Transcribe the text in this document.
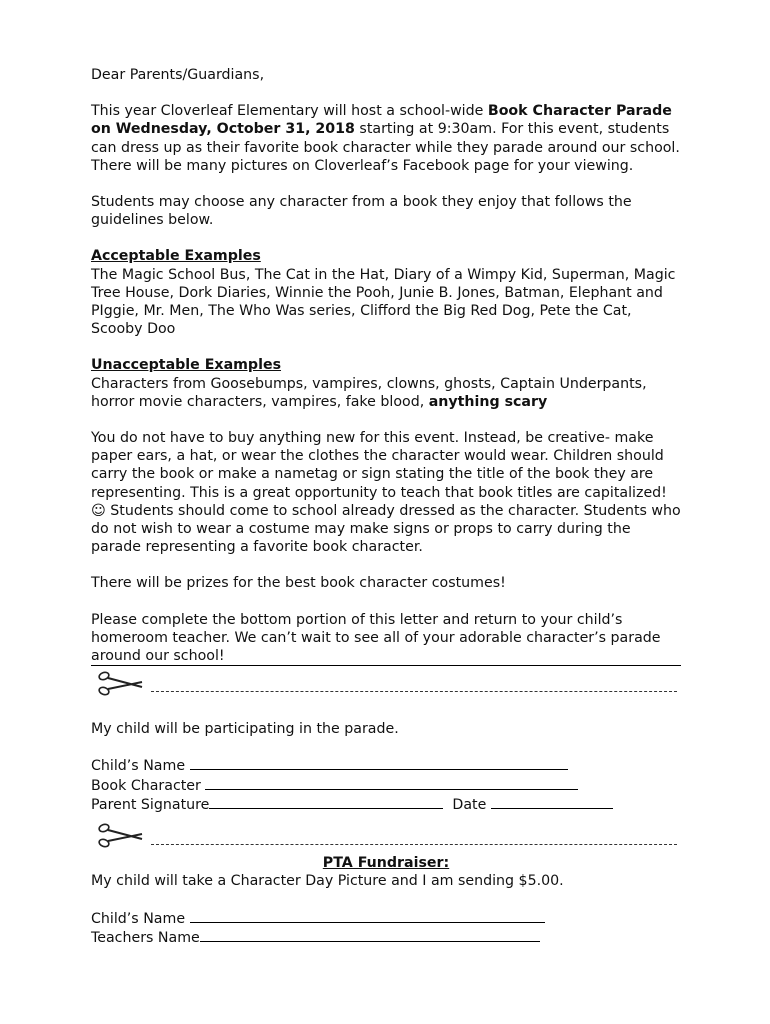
Dear Parents/Guardians,

This year Cloverleaf Elementary will host a school-wide Book Character Parade on Wednesday, October 31, 2018 starting at 9:30am. For this event, students can dress up as their favorite book character while they parade around our school. There will be many pictures on Cloverleaf’s Facebook page for your viewing.

Students may choose any character from a book they enjoy that follows the guidelines below.

Acceptable Examples

The Magic School Bus, The Cat in the Hat, Diary of a Wimpy Kid, Superman, Magic Tree House, Dork Diaries, Winnie the Pooh, Junie B. Jones, Batman, Elephant and PIggie, Mr. Men, The Who Was series, Clifford the Big Red Dog, Pete the Cat, Scooby Doo

Unacceptable Examples

Characters from Goosebumps, vampires, clowns, ghosts, Captain Underpants, horror movie characters, vampires, fake blood, anything scary

You do not have to buy anything new for this event. Instead, be creative- make paper ears, a hat, or wear the clothes the character would wear. Children should carry the book or make a nametag or sign stating the title of the book they are representing. This is a great opportunity to teach that book titles are capitalized! ☺ Students should come to school already dressed as the character. Students who do not wish to wear a costume may make signs or props to carry during the parade representing a favorite book character.

There will be prizes for the best book character costumes!

Please complete the bottom portion of this letter and return to your child’s homeroom teacher. We can’t wait to see all of your adorable character’s parade around our school!

My child will be participating in the parade.

Child’s Name

Book Character

Parent Signature	Date

PTA Fundraiser:

My child will take a Character Day Picture and I am sending $5.00.

Child’s Name

Teachers Name
